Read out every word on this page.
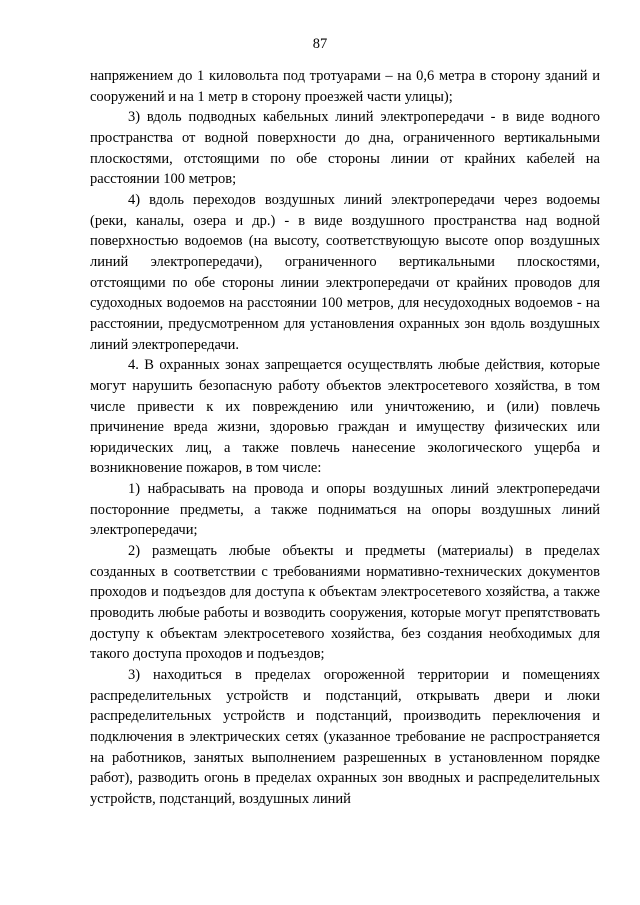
87

напряжением до 1 киловольта под тротуарами – на 0,6 метра в сторону зданий и сооружений и на 1 метр в сторону проезжей части улицы);

3) вдоль подводных кабельных линий электропередачи - в виде водного пространства от водной поверхности до дна, ограниченного вертикальными плоскостями, отстоящими по обе стороны линии от крайних кабелей на расстоянии 100 метров;

4) вдоль переходов воздушных линий электропередачи через водоемы (реки, каналы, озера и др.) - в виде воздушного пространства над водной поверхностью водоемов (на высоту, соответствующую высоте опор воздушных линий электропередачи), ограниченного вертикальными плоскостями, отстоящими по обе стороны линии электропередачи от крайних проводов для судоходных водоемов на расстоянии 100 метров, для несудоходных водоемов - на расстоянии, предусмотренном для установления охранных зон вдоль воздушных линий электропередачи.

4. В охранных зонах запрещается осуществлять любые действия, которые могут нарушить безопасную работу объектов электросетевого хозяйства, в том числе привести к их повреждению или уничтожению, и (или) повлечь причинение вреда жизни, здоровью граждан и имуществу физических или юридических лиц, а также повлечь нанесение экологического ущерба и возникновение пожаров, в том числе:

1) набрасывать на провода и опоры воздушных линий электропередачи посторонние предметы, а также подниматься на опоры воздушных линий электропередачи;

2) размещать любые объекты и предметы (материалы) в пределах созданных в соответствии с требованиями нормативно-технических документов проходов и подъездов для доступа к объектам электросетевого хозяйства, а также проводить любые работы и возводить сооружения, которые могут препятствовать доступу к объектам электросетевого хозяйства, без создания необходимых для такого доступа проходов и подъездов;

3) находиться в пределах огороженной территории и помещениях распределительных устройств и подстанций, открывать двери и люки распределительных устройств и подстанций, производить переключения и подключения в электрических сетях (указанное требование не распространяется на работников, занятых выполнением разрешенных в установленном порядке работ), разводить огонь в пределах охранных зон вводных и распределительных устройств, подстанций, воздушных линий
